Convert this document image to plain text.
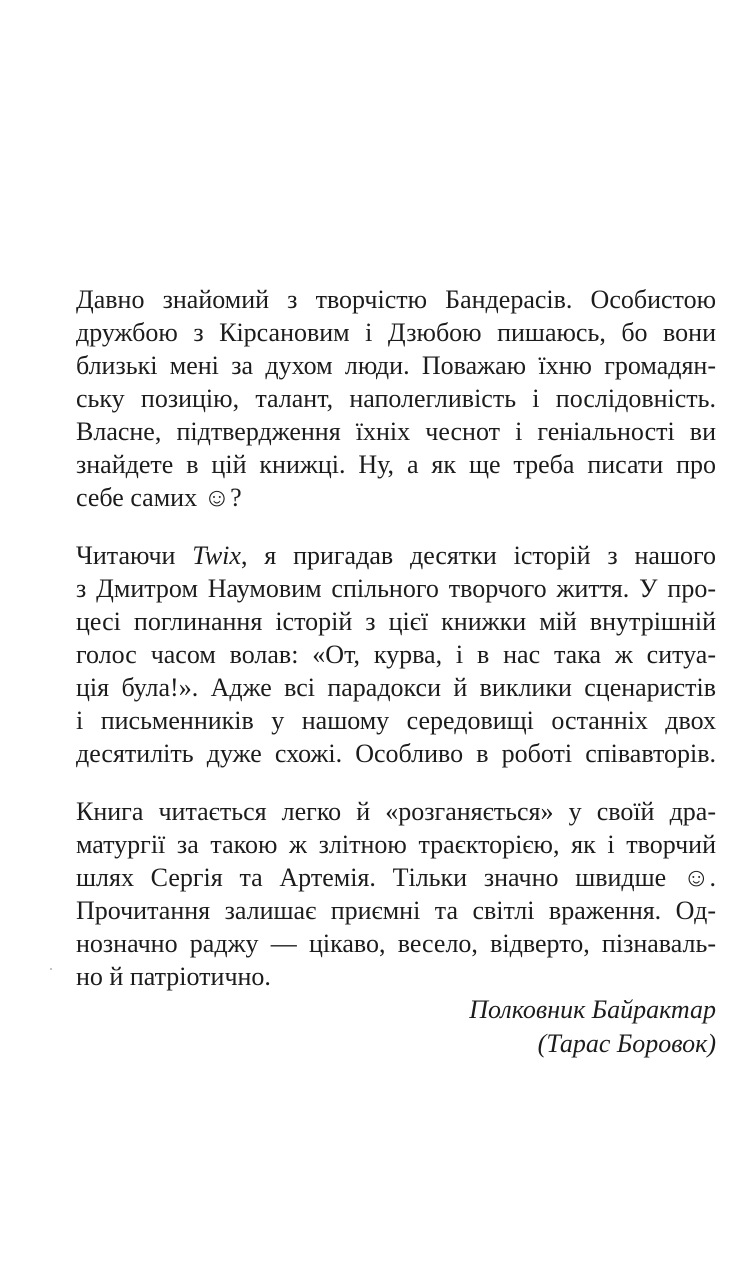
Давно знайомий з творчістю Бандерасів. Особистою
дружбою з Кірсановим і Дзюбою пишаюсь, бо вони
близькі мені за духом люди. Поважаю їхню громадян-
ську позицію, талант, наполегливість і послідовність.
Власне, підтвердження їхніх чеснот і геніальності ви
знайдете в цій книжці. Ну, а як ще треба писати про
себе самих ☺?

Читаючи Twix, я пригадав десятки історій з нашого
з Дмитром Наумовим спільного творчого життя. У про-
цесі поглинання історій з цієї книжки мій внутрішній
голос часом волав: «От, курва, і в нас така ж ситуа-
ція була!». Адже всі парадокси й виклики сценаристів
і письменників у нашому середовищі останніх двох
десятиліть дуже схожі. Особливо в роботі співавторів.

Книга читається легко й «розганяється» у своїй дра-
матургії за такою ж злітною траєкторією, як і творчий
шлях Сергія та Артемія. Тільки значно швидше ☺.
Прочитання залишає приємні та світлі враження. Од-
нозначно раджу — цікаво, весело, відверто, пізнаваль-
но й патріотично.

Полковник Байрактар
(Тарас Боровок)
